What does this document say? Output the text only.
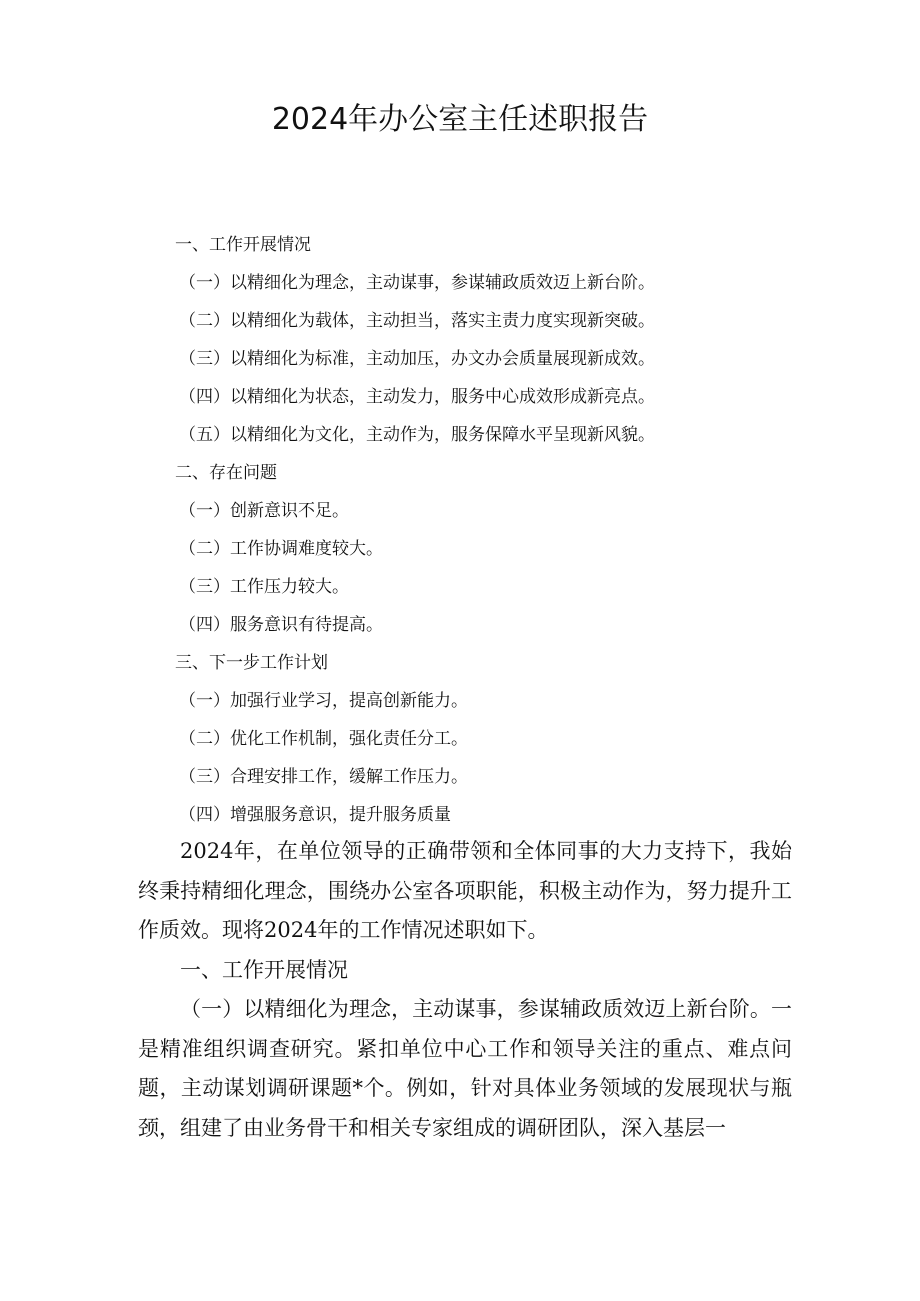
2024年办公室主任述职报告
一、工作开展情况
（一）以精细化为理念，主动谋事，参谋辅政质效迈上新台阶。
（二）以精细化为载体，主动担当，落实主责力度实现新突破。
（三）以精细化为标准，主动加压，办文办会质量展现新成效。
（四）以精细化为状态，主动发力，服务中心成效形成新亮点。
（五）以精细化为文化，主动作为，服务保障水平呈现新风貌。
二、存在问题
（一）创新意识不足。
（二）工作协调难度较大。
（三）工作压力较大。
（四）服务意识有待提高。
三、下一步工作计划
（一）加强行业学习，提高创新能力。
（二）优化工作机制，强化责任分工。
（三）合理安排工作，缓解工作压力。
（四）增强服务意识，提升服务质量

2024年，在单位领导的正确带领和全体同事的大力支持下，我始终秉持精细化理念，围绕办公室各项职能，积极主动作为，努力提升工作质效。现将2024年的工作情况述职如下。

一、工作开展情况

（一）以精细化为理念，主动谋事，参谋辅政质效迈上新台阶。一是精准组织调查研究。紧扣单位中心工作和领导关注的重点、难点问题，主动谋划调研课题*个。例如，针对具体业务领域的发展现状与瓶颈，组建了由业务骨干和相关专家组成的调研团队，深入基层一
